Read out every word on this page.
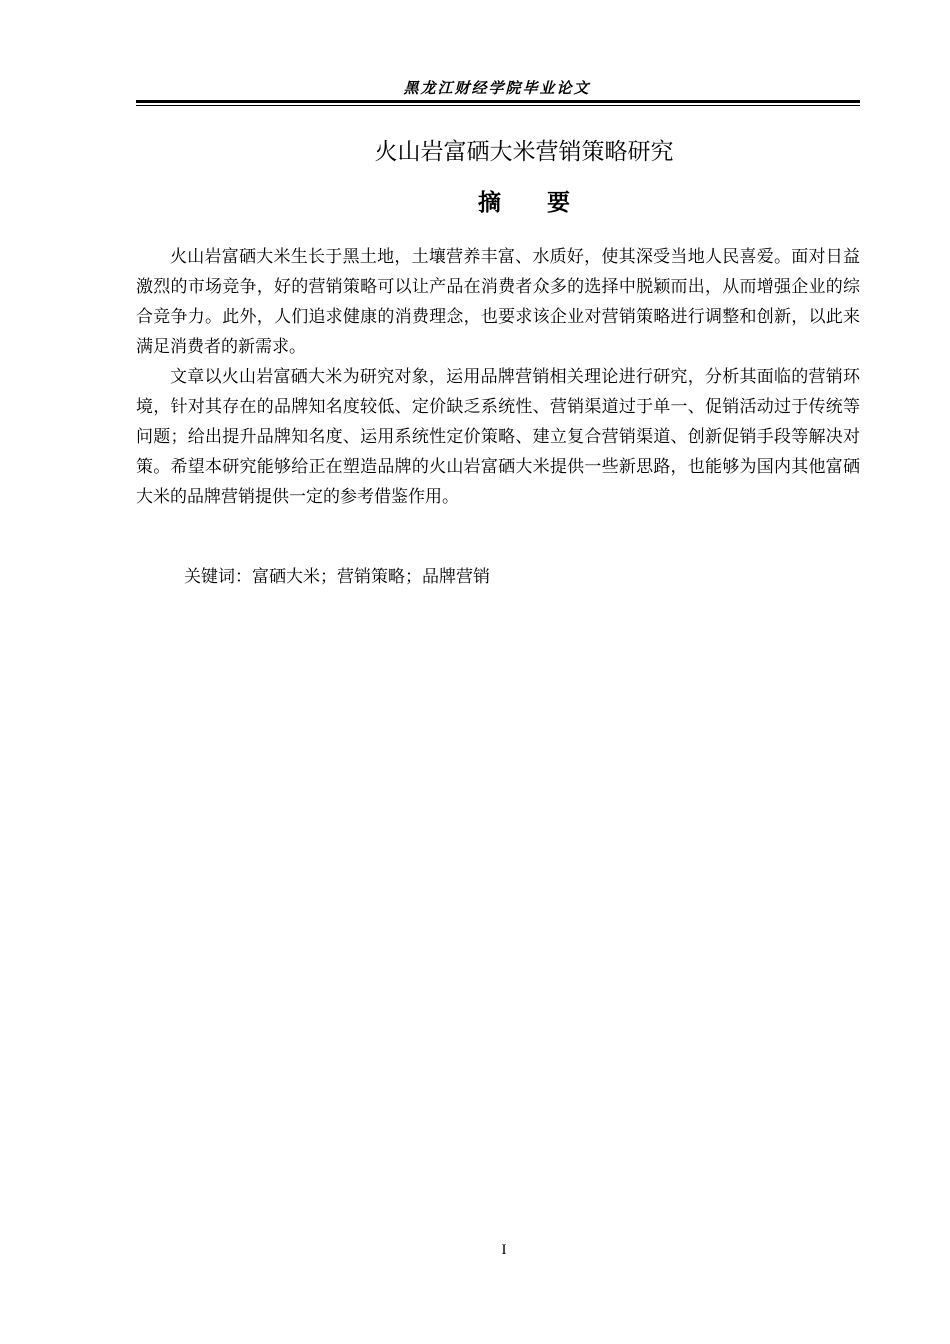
黑龙江财经学院毕业论文
火山岩富硒大米营销策略研究
摘要

火山岩富硒大米生长于黑土地，土壤营养丰富、水质好，使其深受当地人民喜爱。面对日益激烈的市场竞争，好的营销策略可以让产品在消费者众多的选择中脱颖而出，从而增强企业的综合竞争力。此外，人们追求健康的消费理念，也要求该企业对营销策略进行调整和创新，以此来满足消费者的新需求。

文章以火山岩富硒大米为研究对象，运用品牌营销相关理论进行研究，分析其面临的营销环境，针对其存在的品牌知名度较低、定价缺乏系统性、营销渠道过于单一、促销活动过于传统等问题；给出提升品牌知名度、运用系统性定价策略、建立复合营销渠道、创新促销手段等解决对策。希望本研究能够给正在塑造品牌的火山岩富硒大米提供一些新思路，也能够为国内其他富硒大米的品牌营销提供一定的参考借鉴作用。

关键词：富硒大米；营销策略；品牌营销
I
